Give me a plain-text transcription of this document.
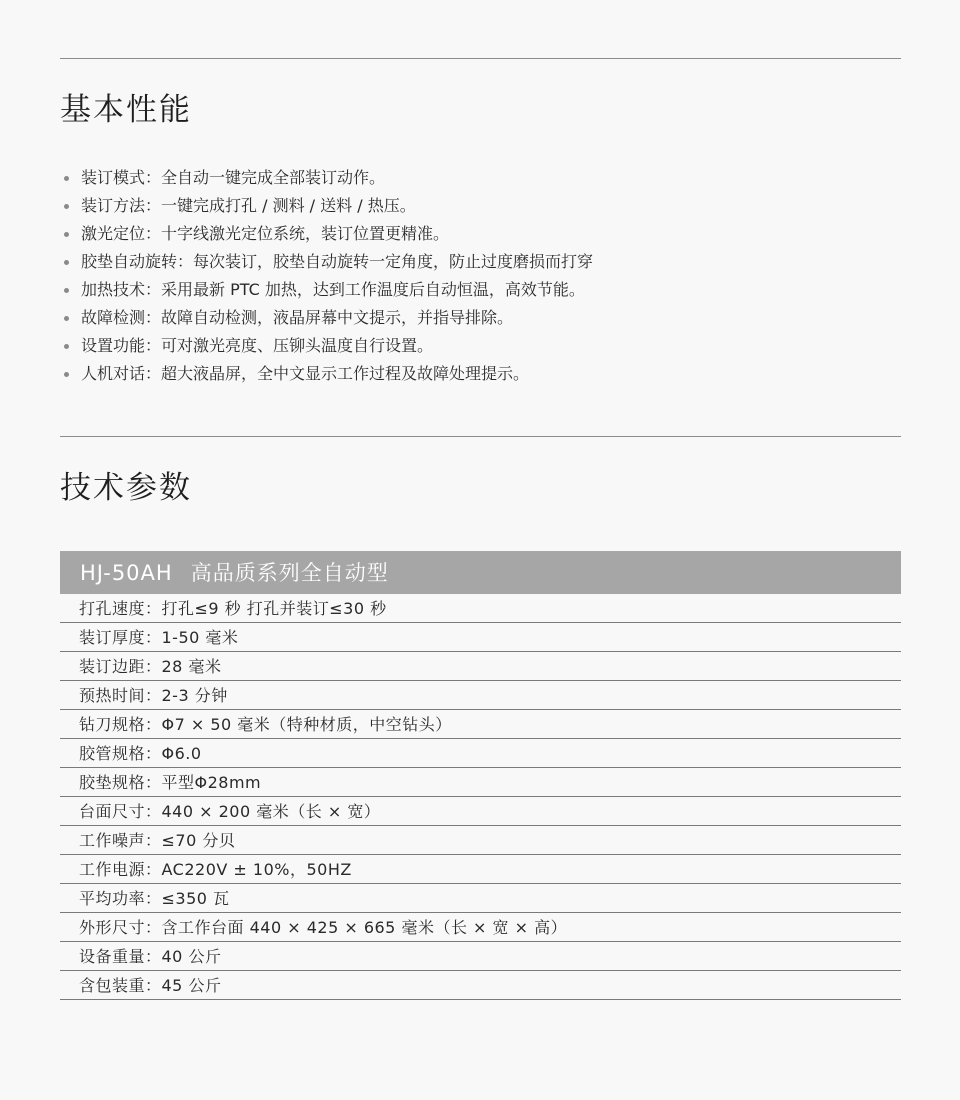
基本性能
装订模式：全自动一键完成全部装订动作。
装订方法：一键完成打孔 / 测料 / 送料 / 热压。
激光定位：十字线激光定位系统，装订位置更精准。
胶垫自动旋转：每次装订，胶垫自动旋转一定角度，防止过度磨损而打穿
加热技术：采用最新 PTC 加热，达到工作温度后自动恒温，高效节能。
故障检测：故障自动检测，液晶屏幕中文提示，并指导排除。
设置功能：可对激光亮度、压铆头温度自行设置。
人机对话：超大液晶屏，全中文显示工作过程及故障处理提示。
技术参数
HJ-50AH 高品质系列全自动型
打孔速度：打孔≤9 秒 打孔并装订≤30 秒
装订厚度：1-50 毫米
装订边距：28 毫米
预热时间：2-3 分钟
钻刀规格：Φ7 × 50 毫米（特种材质，中空钻头）
胶管规格：Φ6.0
胶垫规格：平型Φ28mm
台面尺寸：440 × 200 毫米（长 × 宽）
工作噪声：≤70 分贝
工作电源：AC220V ± 10%，50HZ
平均功率：≤350 瓦
外形尺寸：含工作台面 440 × 425 × 665 毫米（长 × 宽 × 高）
设备重量：40 公斤
含包装重：45 公斤
